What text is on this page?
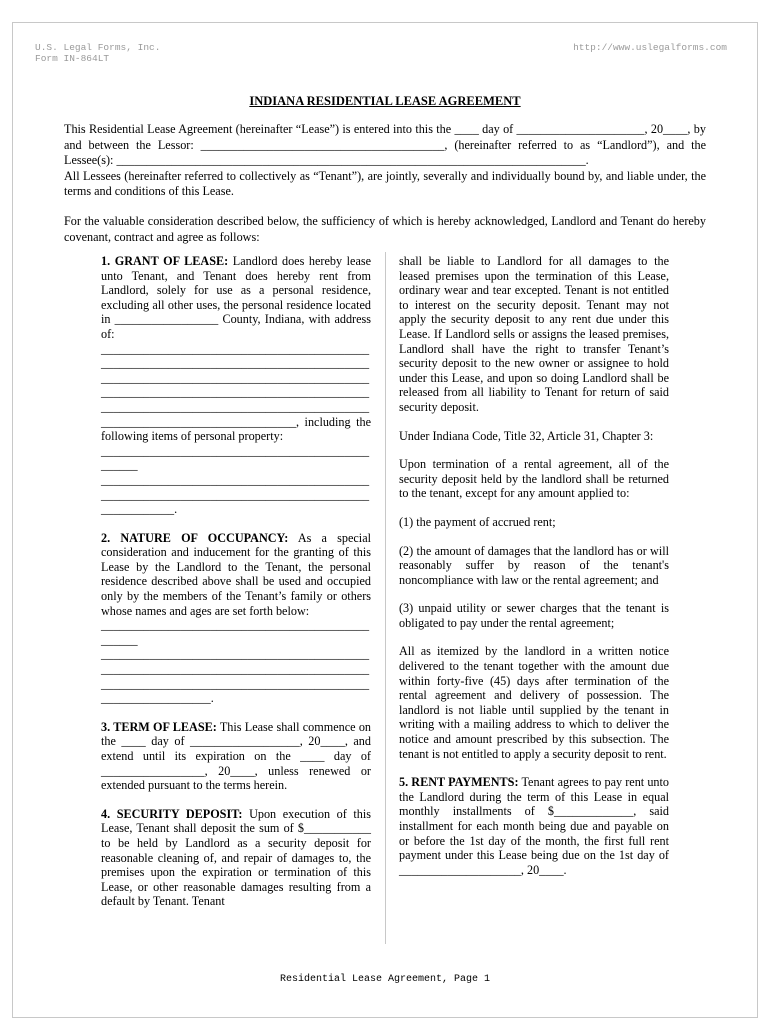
U.S. Legal Forms, Inc.
Form IN-864LT
http://www.uslegalforms.com
INDIANA RESIDENTIAL LEASE AGREEMENT

This Residential Lease Agreement (hereinafter “Lease”) is entered into this the ____ day of _____________________, 20____, by and between the Lessor: ________________________________________, (hereinafter referred to as “Landlord”), and the Lessee(s): _____________________________________________________________________________.

All Lessees (hereinafter referred to collectively as “Tenant”), are jointly, severally and individually bound by, and liable under, the terms and conditions of this Lease.

For the valuable consideration described below, the sufficiency of which is hereby acknowledged, Landlord and Tenant do hereby covenant, contract and agree as follows:

1. GRANT OF LEASE: Landlord does hereby lease unto Tenant, and Tenant does hereby rent from Landlord, solely for use as a personal residence, excluding all other uses, the personal residence located in _________________ County, Indiana, with address of:

____________________________________________

____________________________________________

____________________________________________

____________________________________________

____________________________________________

________________________________, including the following items of personal property:

____________________________________________

______

____________________________________________

____________________________________________

____________.

2. NATURE OF OCCUPANCY: As a special consideration and inducement for the granting of this Lease by the Landlord to the Tenant, the personal residence described above shall be used and occupied only by the members of the Tenant’s family or others whose names and ages are set forth below:

____________________________________________

______

____________________________________________

____________________________________________

____________________________________________

__________________.

3. TERM OF LEASE: This Lease shall commence on the ____ day of __________________, 20____, and extend until its expiration on the ____ day of _________________, 20____, unless renewed or extended pursuant to the terms herein.

4. SECURITY DEPOSIT: Upon execution of this Lease, Tenant shall deposit the sum of $___________ to be held by Landlord as a security deposit for reasonable cleaning of, and repair of damages to, the premises upon the expiration or termination of this Lease, or other reasonable damages resulting from a default by Tenant. Tenant

shall be liable to Landlord for all damages to the leased premises upon the termination of this Lease, ordinary wear and tear excepted. Tenant is not entitled to interest on the security deposit. Tenant may not apply the security deposit to any rent due under this Lease. If Landlord sells or assigns the leased premises, Landlord shall have the right to transfer Tenant’s security deposit to the new owner or assignee to hold under this Lease, and upon so doing Landlord shall be released from all liability to Tenant for return of said security deposit.

Under Indiana Code, Title 32, Article 31, Chapter 3:

Upon termination of a rental agreement, all of the security deposit held by the landlord shall be returned to the tenant, except for any amount applied to:

(1) the payment of accrued rent;

(2) the amount of damages that the landlord has or will reasonably suffer by reason of the tenant's noncompliance with law or the rental agreement; and

(3) unpaid utility or sewer charges that the tenant is obligated to pay under the rental agreement;

All as itemized by the landlord in a written notice delivered to the tenant together with the amount due within forty-five (45) days after termination of the rental agreement and delivery of possession. The landlord is not liable until supplied by the tenant in writing with a mailing address to which to deliver the notice and amount prescribed by this subsection. The tenant is not entitled to apply a security deposit to rent.

5. RENT PAYMENTS: Tenant agrees to pay rent unto the Landlord during the term of this Lease in equal monthly installments of $_____________, said installment for each month being due and payable on or before the 1st day of the month, the first full rent payment under this Lease being due on the 1st day of ____________________, 20____.

Residential Lease Agreement, Page 1
